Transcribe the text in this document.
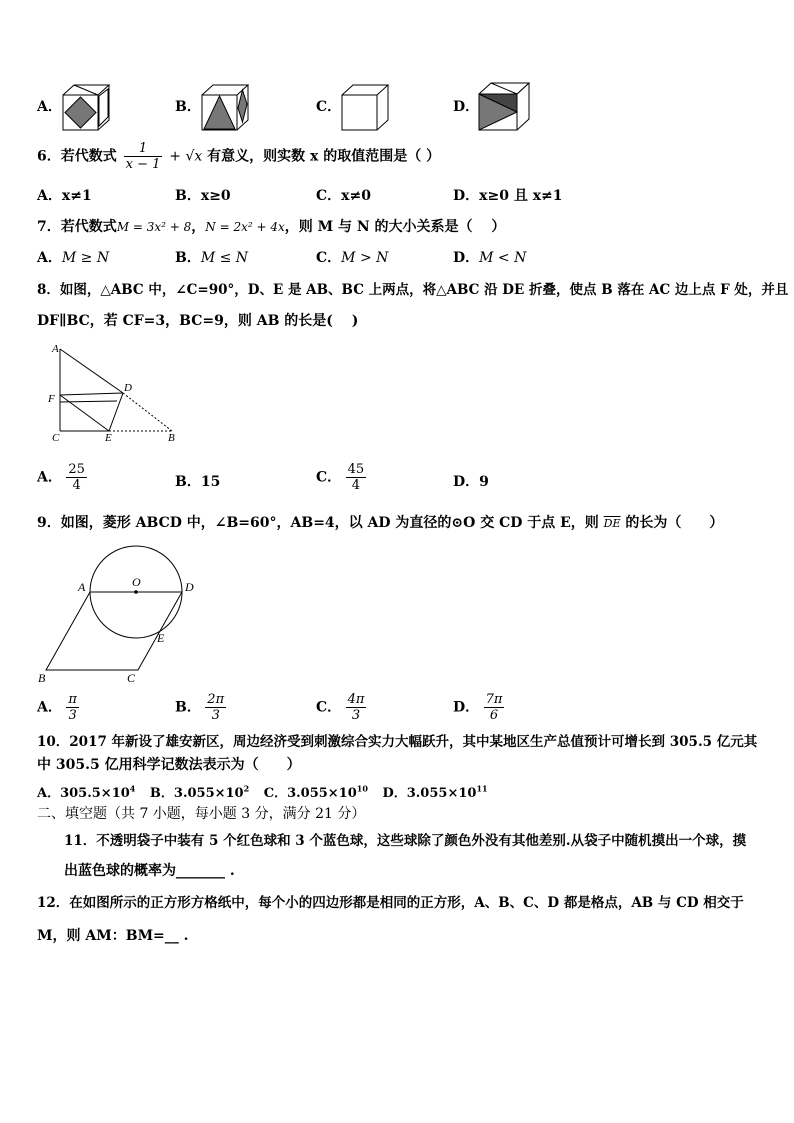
A．	B．	C．	D．
6．若代数式 $\frac{1}{x - 1} + √x$ 有意义，则实数 x 的取值范围是（ ）
A．x≠1	B．x≥0	C．x≠0	D．x≥0 且 x≠1
7．若代数式M = 3x² + 8，N = 2x² + 4x，则 M 与 N 的大小关系是（　 ）
A．M ≥ N	B．M ≤ N	C．M > N	D．M < N
8．如图，△ABC 中，∠C=90°，D、E 是 AB、BC 上两点，将△ABC 沿 DE 折叠，使点 B 落在 AC 边上点 F 处，并且
DF∥BC，若 CF=3，BC=9，则 AB 的长是(　 )
A
D
F
C	E	B
A． $\frac{25}{4}$	B．15	C． $\frac{45}{4}$	D．9
9．如图，菱形 ABCD 中，∠B=60°，AB=4，以 AD 为直径的⊙O 交 CD 于点 E，则 $\overline{DE}$ 的长为（　　）
A	O	D
E
B	C
A． $\frac{\pi}{3}$	B． $\frac{2\pi}{3}$	C． $\frac{4\pi}{3}$	D． $\frac{7\pi}{6}$
10．2017 年新设了雄安新区，周边经济受到刺激综合实力大幅跃升，其中某地区生产总值预计可增长到 305.5 亿元其
中 305.5 亿用科学记数法表示为（　　）
A．$305.5\times 10^4$ B．$3.055\times 10^2$ C．$3.055\times 10^{10}$ D．$3.055\times 10^{11}$
二、填空题（共 7 小题，每小题 3 分，满分 21 分）
11．不透明袋子中装有 5 个红色球和 3 个蓝色球，这些球除了颜色外没有其他差别.从袋子中随机摸出一个球，摸
出蓝色球的概率为_______ .
12．在如图所示的正方形方格纸中，每个小的四边形都是相同的正方形，A、B、C、D 都是格点，AB 与 CD 相交于
M，则 AM：BM=__ .
